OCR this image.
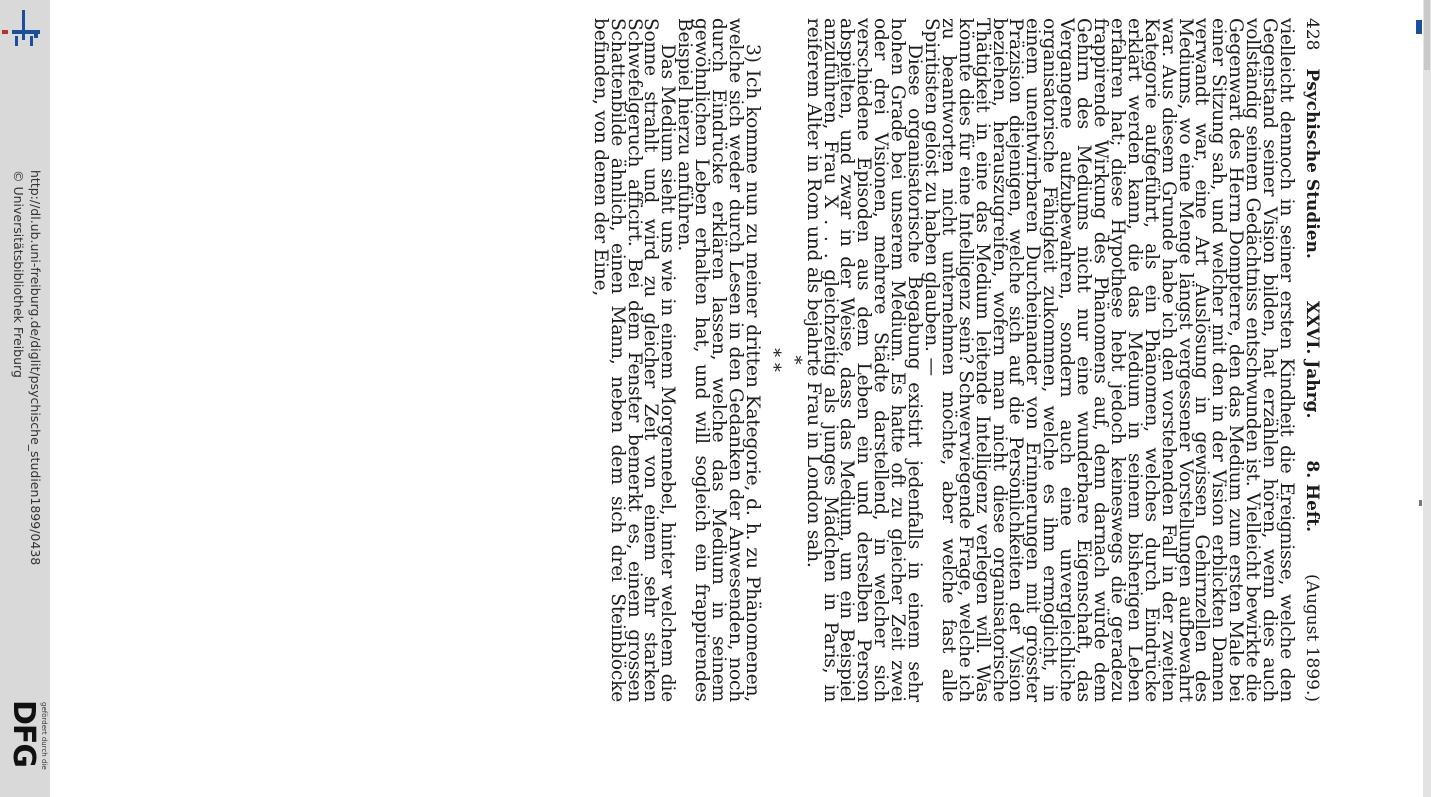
http://dl.ub.uni-freiburg.de/diglit/psychische_studien1899/0438
© Universitätsbibliothek Freiburg
gefördert durch die
DFG
428
Psychische Studien.
XXVI. Jahrg.
8. Heft.
(August 1899.)

vielleicht dennoch in seiner ersten Kindheit die Ereignisse, welche den Gegenstand seiner Vision bilden, hat erzählen hören, wenn dies auch vollständig seinem Gedächtniss entschwunden ist. Vielleicht bewirkte die Gegenwart des Herrn Dompterre, den das Medium zum ersten Male bei einer Sitzung sah, und welcher mit den in der Vision erblickten Damen verwandt war, eine Art Auslösung in gewissen Gehirnzellen des Mediums, wo eine Menge längst vergessener Vorstellungen aufbewahrt war. Aus diesem Grunde habe ich den vorstehenden Fall in der zweiten Kategorie aufgeführt, als ein Phänomen, welches durch Eindrücke erklärt werden kann, die das Medium in seinem bisherigen Leben erfahren hat; diese Hypothese hebt jedoch keineswegs die geradezu frappirende Wirkung des Phänomens auf, denn darnach würde dem Gehirn des Mediums nicht nur eine wunderbare Eigenschaft, das Vergangene aufzubewahren, sondern auch eine unvergleichliche organisatorische Fähigkeit zukommen, welche es ihm ermöglicht, in einem unentwirrbaren Durcheinander von Erinnerungen mit grösster Präzision diejenigen, welche sich auf die Persönlichkeiten der Vision beziehen, herauszugreifen, wofern man nicht diese organisatorische Thätigkeit in eine das Medium leitende Intelligenz verlegen will. Was könnte dies für eine Intelligenz sein? Schwerwiegende Frage, welche ich zu beantworten nicht unternehmen möchte, aber welche fast alle Spiritisten gelöst zu haben glauben. —

Diese organisatorische Begabung existirt jedenfalls in einem sehr hohen Grade bei unserem Medium. Es hatte oft zu gleicher Zeit zwei oder drei Visionen, mehrere Städte darstellend, in welcher sich verschiedene Episoden aus dem Leben ein und derselben Person abspielten, und zwar in der Weise, dass das Medium, um ein Beispiel anzuführen, Frau X . . . gleichzeitig als junges Mädchen in Paris, in reiferem Alter in Rom und als bejahrte Frau in London sah.

*
* *

3) Ich komme nun zu meiner dritten Kategorie, d. h. zu Phänomenen, welche sich weder durch Lesen in den Gedanken der Anwesenden, noch durch Eindrücke erklären lassen, welche das Medium in seinem gewöhnlichen Leben erhalten hat, und will sogleich ein frappirendes Beispiel hierzu anführen.

Das Medium sieht uns wie in einem Morgennebel, hinter welchem die Sonne strahlt und wird zu gleicher Zeit von einem sehr starken Schwefelgeruch afficirt. Bei dem Fenster bemerkt es, einem grossen Schattenbilde ähnlich, einen Mann, neben dem sich drei Steinblöcke befinden, von denen der Eine,
